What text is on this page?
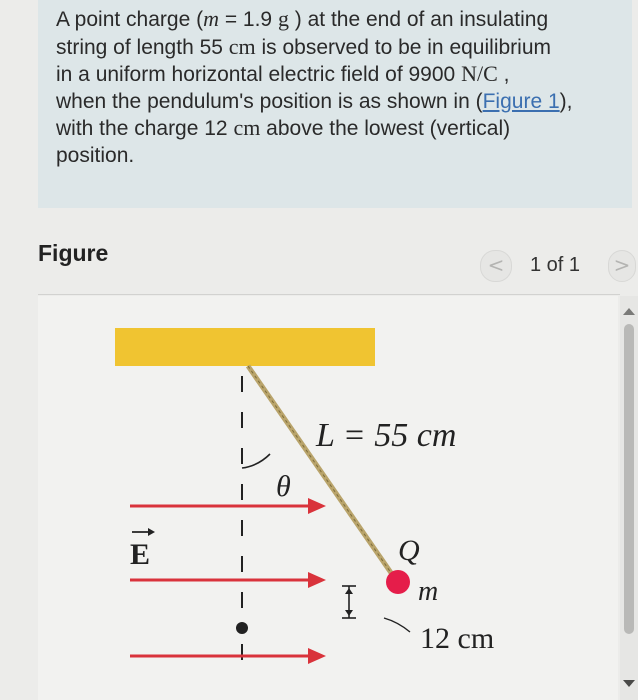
A point charge (m = 1.9 g ) at the end of an insulating
string of length 55 cm is observed to be in equilibrium
in a uniform horizontal electric field of 9900 N/C ,
when the pendulum's position is as shown in (Figure 1),
with the charge 12 cm above the lowest (vertical)
position.
Figure	<	1 of 1 >
L = 55 cm
θ
E	Q
m
12 cm
